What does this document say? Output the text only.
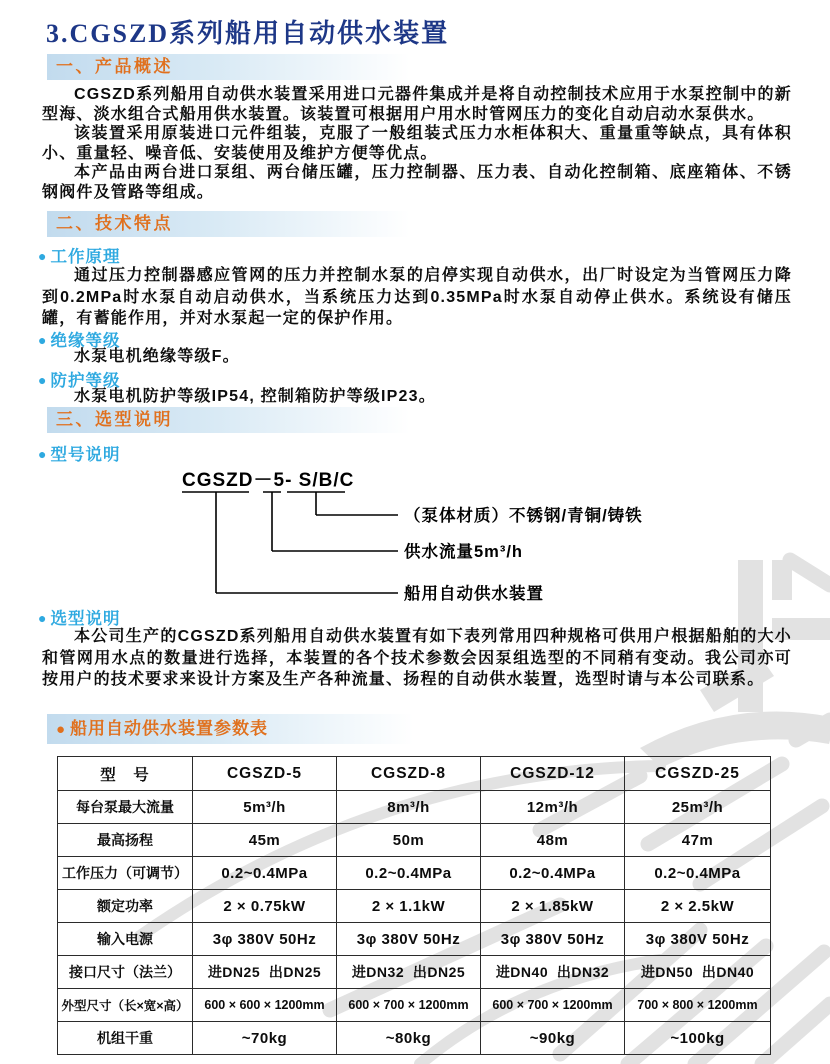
3.CGSZD系列船用自动供水装置
一、产品概述

CGSZD系列船用自动供水装置采用进口元器件集成并是将自动控制技术应用于水泵控制中的新型海、淡水组合式船用供水装置。该装置可根据用户用水时管网压力的变化自动启动水泵供水。

该装置采用原装进口元件组装，克服了一般组装式压力水柜体积大、重量重等缺点，具有体积小、重量轻、噪音低、安装使用及维护方便等优点。

本产品由两台进口泵组、两台储压罐，压力控制器、压力表、自动化控制箱、底座箱体、不锈钢阀件及管路等组成。

二、技术特点
● 工作原理
通过压力控制器感应管网的压力并控制水泵的启停实现自动供水，出厂时设定为当管网压力降到0.2MPa时水泵自动启动供水，当系统压力达到0.35MPa时水泵自动停止供水。系统设有储压罐，有蓄能作用，并对水泵起一定的保护作用。
● 绝缘等级
水泵电机绝缘等级F。
● 防护等级
水泵电机防护等级IP54, 控制箱防护等级IP23。
三、选型说明
● 型号说明
CGSZD－5- S/B/C
（泵体材质）不锈钢/青铜/铸铁
供水流量5m³/h
船用自动供水装置
● 选型说明
本公司生产的CGSZD系列船用自动供水装置有如下表列常用四种规格可供用户根据船舶的大小和管网用水点的数量进行选择，本装置的各个技术参数会因泵组选型的不同稍有变动。我公司亦可按用户的技术要求来设计方案及生产各种流量、扬程的自动供水装置，选型时请与本公司联系。
● 船用自动供水装置参数表
型　号	CGSZD-5	CGSZD-8	CGSZD-12	CGSZD-25
每台泵最大流量	5m³/h	8m³/h	12m³/h	25m³/h
最高扬程	45m	50m	48m	47m
工作压力（可调节）	0.2~0.4MPa	0.2~0.4MPa	0.2~0.4MPa	0.2~0.4MPa
额定功率	2 × 0.75kW	2 × 1.1kW	2 × 1.85kW	2 × 2.5kW
输入电源	3φ 380V 50Hz	3φ 380V 50Hz	3φ 380V 50Hz	3φ 380V 50Hz
接口尺寸（法兰）	进DN25  出DN25	进DN32  出DN25	进DN40  出DN32	进DN50  出DN40
外型尺寸（长×宽×高）	600 × 600 × 1200mm	600 × 700 × 1200mm	600 × 700 × 1200mm	700 × 800 × 1200mm
机组干重	~70kg	~80kg	~90kg	~100kg
